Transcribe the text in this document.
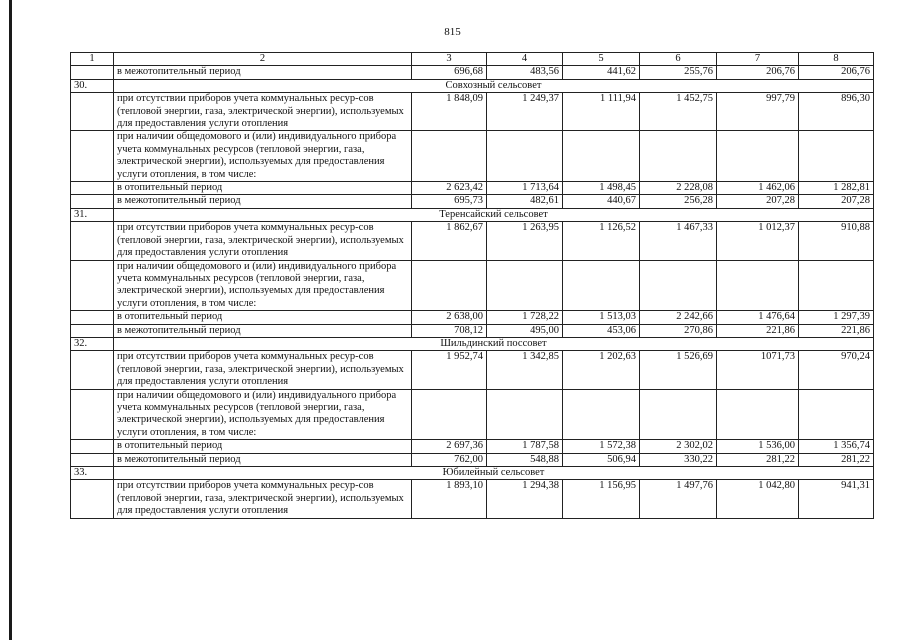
815
1	2	3	4	5	6	7	8
	в межотопительный период	696,68	483,56	441,62	255,76	206,76	206,76
30.	Совхозный сельсовет						
	при отсутствии приборов учета коммунальных ресур-сов (тепловой энергии, газа, электрической энергии), используемых для предоставления услуги отопления	1 848,09	1 249,37	1 111,94	1 452,75	997,79	896,30
	при наличии общедомового и (или) индивидуального прибора учета коммунальных ресурсов (тепловой энергии, газа, электрической энергии), используемых для предоставления услуги отопления, в том числе:						
	в отопительный период	2 623,42	1 713,64	1 498,45	2 228,08	1 462,06	1 282,81
	в межотопительный период	695,73	482,61	440,67	256,28	207,28	207,28
31.	Теренсайский сельсовет						
	при отсутствии приборов учета коммунальных ресур-сов (тепловой энергии, газа, электрической энергии), используемых для предоставления услуги отопления	1 862,67	1 263,95	1 126,52	1 467,33	1 012,37	910,88
	при наличии общедомового и (или) индивидуального прибора учета коммунальных ресурсов (тепловой энергии, газа, электрической энергии), используемых для предоставления услуги отопления, в том числе:						
	в отопительный период	2 638,00	1 728,22	1 513,03	2 242,66	1 476,64	1 297,39
	в межотопительный период	708,12	495,00	453,06	270,86	221,86	221,86
32.	Шильдинский поссовет						
	при отсутствии приборов учета коммунальных ресур-сов (тепловой энергии, газа, электрической энергии), используемых для предоставления услуги отопления	1 952,74	1 342,85	1 202,63	1 526,69	1071,73	970,24
	при наличии общедомового и (или) индивидуального прибора учета коммунальных ресурсов (тепловой энергии, газа, электрической энергии), используемых для предоставления услуги отопления, в том числе:						
	в отопительный период	2 697,36	1 787,58	1 572,38	2 302,02	1 536,00	1 356,74
	в межотопительный период	762,00	548,88	506,94	330,22	281,22	281,22
33.	Юбилейный сельсовет						
	при отсутствии приборов учета коммунальных ресур-сов (тепловой энергии, газа, электрической энергии), используемых для предоставления услуги отопления	1 893,10	1 294,38	1 156,95	1 497,76	1 042,80	941,31
